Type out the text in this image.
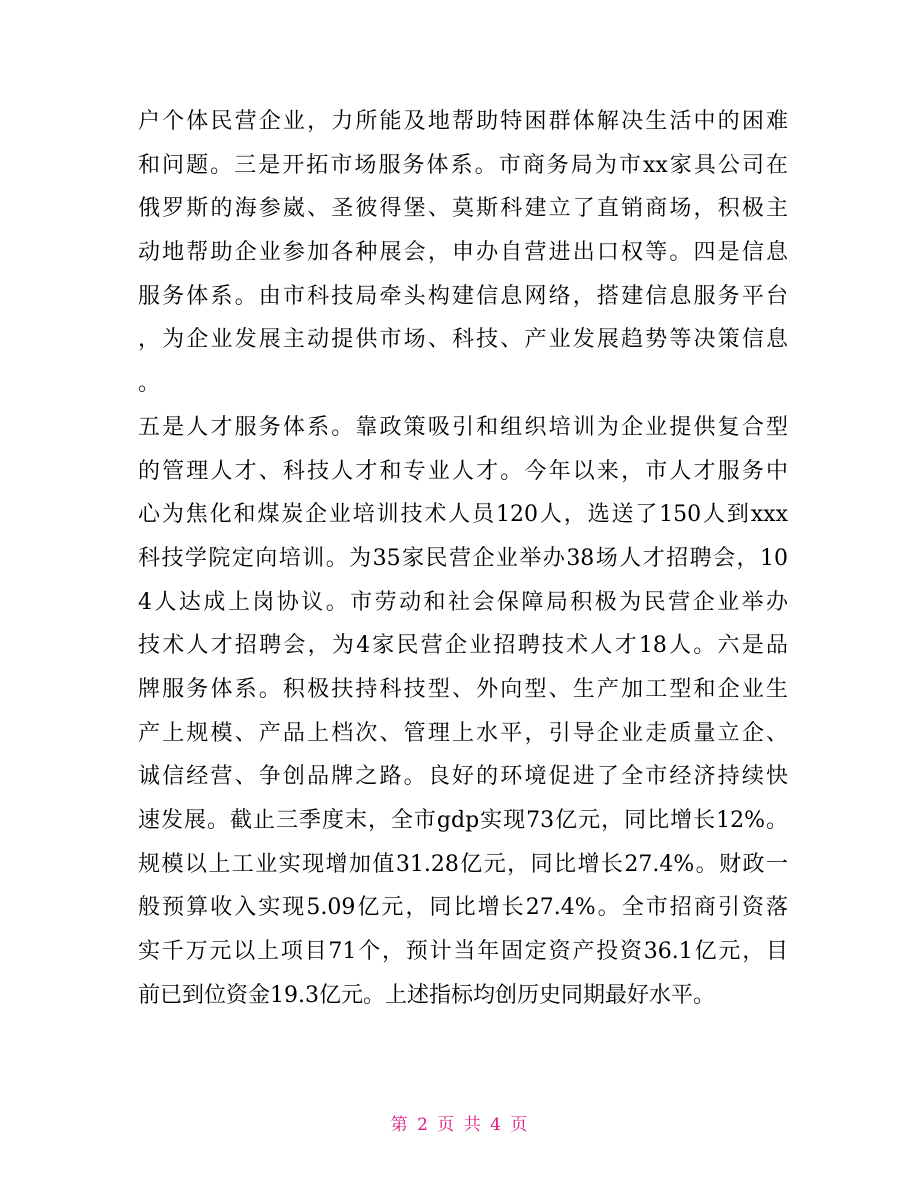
户个体民营企业，力所能及地帮助特困群体解决生活中的困难
和问题。三是开拓市场服务体系。市商务局为市xx家具公司在
俄罗斯的海参崴、圣彼得堡、莫斯科建立了直销商场，积极主
动地帮助企业参加各种展会，申办自营进出口权等。四是信息
服务体系。由市科技局牵头构建信息网络，搭建信息服务平台
，为企业发展主动提供市场、科技、产业发展趋势等决策信息
。
五是人才服务体系。靠政策吸引和组织培训为企业提供复合型
的管理人才、科技人才和专业人才。今年以来，市人才服务中
心为焦化和煤炭企业培训技术人员120人，选送了150人到xxx
科技学院定向培训。为35家民营企业举办38场人才招聘会，10
4人达成上岗协议。市劳动和社会保障局积极为民营企业举办
技术人才招聘会，为4家民营企业招聘技术人才18人。六是品
牌服务体系。积极扶持科技型、外向型、生产加工型和企业生
产上规模、产品上档次、管理上水平，引导企业走质量立企、
诚信经营、争创品牌之路。良好的环境促进了全市经济持续快
速发展。截止三季度末，全市gdp实现73亿元，同比增长12%。
规模以上工业实现增加值31.28亿元，同比增长27.4%。财政一
般预算收入实现5.09亿元，同比增长27.4%。全市招商引资落
实千万元以上项目71个，预计当年固定资产投资36.1亿元，目
前已到位资金19.3亿元。上述指标均创历史同期最好水平。
第 2 页 共 4 页
